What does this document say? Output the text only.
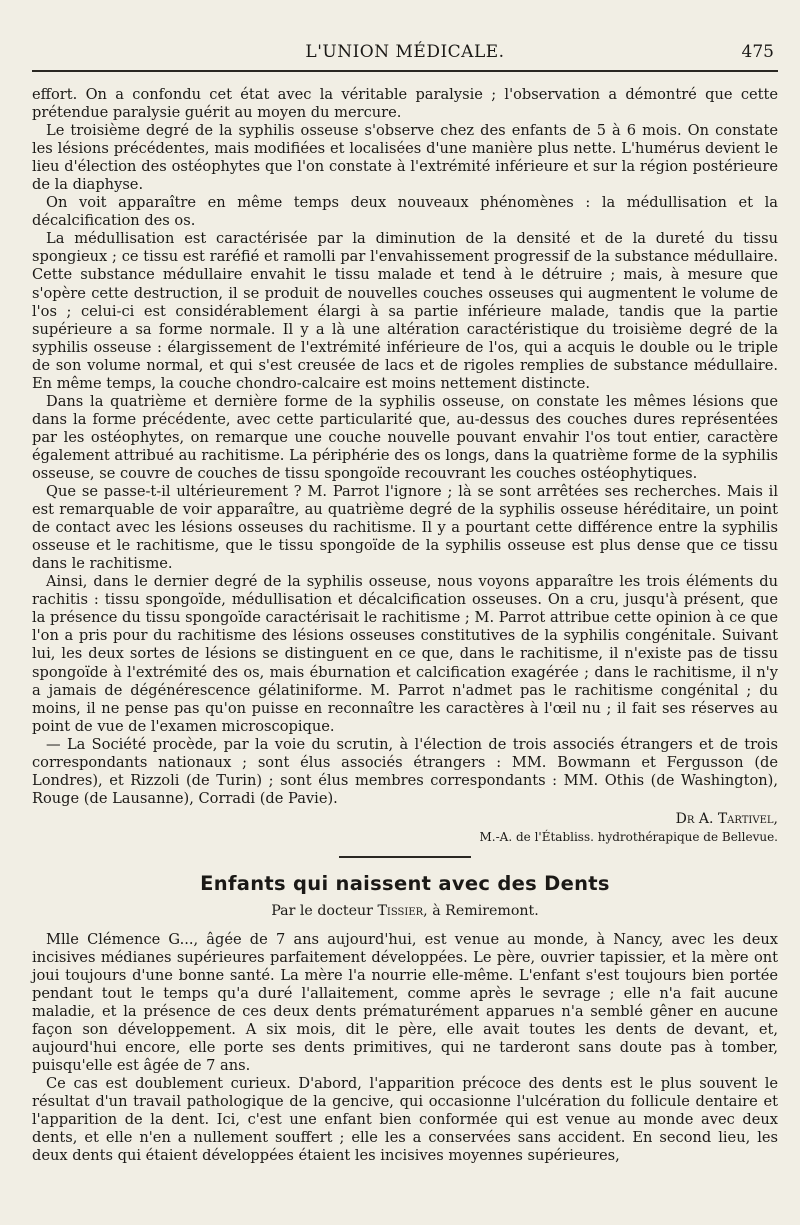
L'UNION MÉDICALE.	475

effort. On a confondu cet état avec la véritable paralysie ; l'observation a démontré que cette prétendue paralysie guérit au moyen du mercure.

Le troisième degré de la syphilis osseuse s'observe chez des enfants de 5 à 6 mois. On constate les lésions précédentes, mais modifiées et localisées d'une manière plus nette. L'humérus devient le lieu d'élection des ostéophytes que l'on constate à l'extrémité inférieure et sur la région postérieure de la diaphyse.

On voit apparaître en même temps deux nouveaux phénomènes : la médullisation et la décalcification des os.

La médullisation est caractérisée par la diminution de la densité et de la dureté du tissu spongieux ; ce tissu est raréfié et ramolli par l'envahissement progressif de la substance médullaire. Cette substance médullaire envahit le tissu malade et tend à le détruire ; mais, à mesure que s'opère cette destruction, il se produit de nouvelles couches osseuses qui augmentent le volume de l'os ; celui-ci est considérablement élargi à sa partie inférieure malade, tandis que la partie supérieure a sa forme normale. Il y a là une altération caractéristique du troisième degré de la syphilis osseuse : élargissement de l'extrémité inférieure de l'os, qui a acquis le double ou le triple de son volume normal, et qui s'est creusée de lacs et de rigoles remplies de substance médullaire. En même temps, la couche chondro-calcaire est moins nettement distincte.

Dans la quatrième et dernière forme de la syphilis osseuse, on constate les mêmes lésions que dans la forme précédente, avec cette particularité que, au-dessus des couches dures représentées par les ostéophytes, on remarque une couche nouvelle pouvant envahir l'os tout entier, caractère également attribué au rachitisme. La périphérie des os longs, dans la quatrième forme de la syphilis osseuse, se couvre de couches de tissu spongoïde recouvrant les couches ostéophytiques.

Que se passe-t-il ultérieurement ? M. Parrot l'ignore ; là se sont arrêtées ses recherches. Mais il est remarquable de voir apparaître, au quatrième degré de la syphilis osseuse héréditaire, un point de contact avec les lésions osseuses du rachitisme. Il y a pourtant cette différence entre la syphilis osseuse et le rachitisme, que le tissu spongoïde de la syphilis osseuse est plus dense que ce tissu dans le rachitisme.

Ainsi, dans le dernier degré de la syphilis osseuse, nous voyons apparaître les trois éléments du rachitis : tissu spongoïde, médullisation et décalcification osseuses. On a cru, jusqu'à présent, que la présence du tissu spongoïde caractérisait le rachitisme ; M. Parrot attribue cette opinion à ce que l'on a pris pour du rachitisme des lésions osseuses constitutives de la syphilis congénitale. Suivant lui, les deux sortes de lésions se distinguent en ce que, dans le rachitisme, il n'existe pas de tissu spongoïde à l'extrémité des os, mais éburnation et calcification exagérée ; dans le rachitisme, il n'y a jamais de dégénérescence gélatiniforme. M. Parrot n'admet pas le rachitisme congénital ; du moins, il ne pense pas qu'on puisse en reconnaître les caractères à l'œil nu ; il fait ses réserves au point de vue de l'examen microscopique.

— La Société procède, par la voie du scrutin, à l'élection de trois associés étrangers et de trois correspondants nationaux ; sont élus associés étrangers : MM. Bowmann et Fergusson (de Londres), et Rizzoli (de Turin) ; sont élus membres correspondants : MM. Othis (de Washington), Rouge (de Lausanne), Corradi (de Pavie).

Dr A. Tartivel,
M.-A. de l'Établiss. hydrothérapique de Bellevue.
Enfants qui naissent avec des Dents
Par le docteur Tissier, à Remiremont.

Mlle Clémence G..., âgée de 7 ans aujourd'hui, est venue au monde, à Nancy, avec les deux incisives médianes supérieures parfaitement développées. Le père, ouvrier tapissier, et la mère ont joui toujours d'une bonne santé. La mère l'a nourrie elle-même. L'enfant s'est toujours bien portée pendant tout le temps qu'a duré l'allaitement, comme après le sevrage ; elle n'a fait aucune maladie, et la présence de ces deux dents prématurément apparues n'a semblé gêner en aucune façon son développement. A six mois, dit le père, elle avait toutes les dents de devant, et, aujourd'hui encore, elle porte ses dents primitives, qui ne tarderont sans doute pas à tomber, puisqu'elle est âgée de 7 ans.

Ce cas est doublement curieux. D'abord, l'apparition précoce des dents est le plus souvent le résultat d'un travail pathologique de la gencive, qui occasionne l'ulcération du follicule dentaire et l'apparition de la dent. Ici, c'est une enfant bien conformée qui est venue au monde avec deux dents, et elle n'en a nullement souffert ; elle les a conservées sans accident. En second lieu, les deux dents qui étaient développées étaient les incisives moyennes supérieures,
